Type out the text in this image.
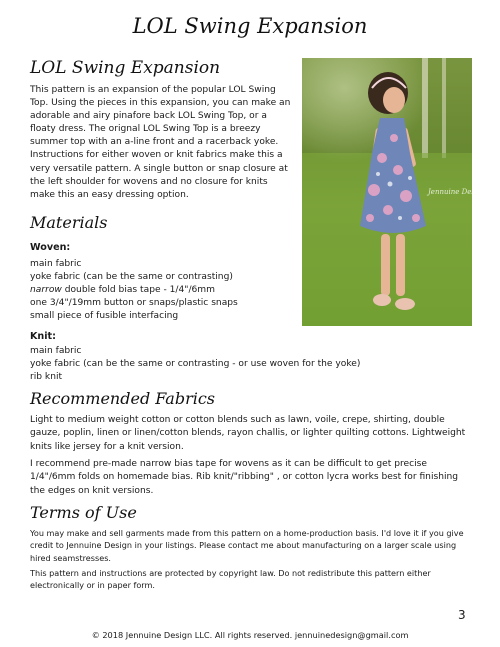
LOL Swing Expansion
LOL Swing Expansion

This pattern is an expansion of the popular LOL Swing Top. Using the pieces in this expansion, you can make an adorable and airy pinafore back LOL Swing Top, or a floaty dress. The orignal LOL Swing Top is a breezy summer top with an a-line front and a racerback yoke. Instructions for either woven or knit fabrics make this a very versatile pattern. A single button or snap closure at the left shoulder for wovens and no closure for knits make this an easy dressing option.	Jennuine Design
Materials
Woven:
main fabric
yoke fabric (can be the same or contrasting)
narrow double fold bias tape - 1/4"/6mm
one 3/4"/19mm button or snaps/plastic snaps
small piece of fusible interfacing
Knit:
main fabric
yoke fabric (can be the same or contrasting - or use woven for the yoke)
rib knit
Recommended Fabrics

Light to medium weight cotton or cotton blends such as lawn, voile, crepe, shirting, double gauze, poplin, linen or linen/cotton blends, rayon challis, or lighter quilting cottons. Lightweight knits like jersey for a knit version.

I recommend pre-made narrow bias tape for wovens as it can be difficult to get precise 1/4"/6mm folds on homemade bias. Rib knit/"ribbing" , or cotton lycra works best for finishing the edges on knit versions.

Terms of Use

You may make and sell garments made from this pattern on a home-production basis. I'd love it if you give credit to Jennuine Design in your listings. Please contact me about manufacturing on a larger scale using hired seamstresses.

This pattern and instructions are protected by copyright law. Do not redistribute this pattern either electronically or in paper form.

3
© 2018 Jennuine Design LLC. All rights reserved. jennuinedesign@gmail.com
